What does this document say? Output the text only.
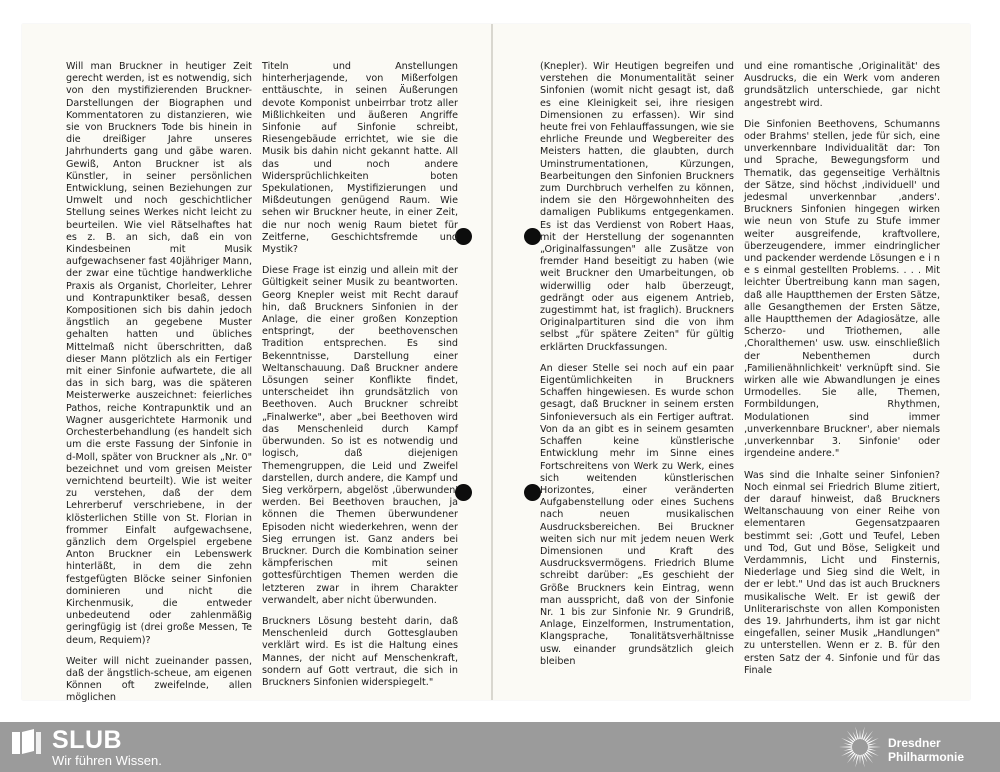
Will man Bruckner in heutiger Zeit gerecht werden, ist es notwendig, sich von den mystifizierenden Bruckner-Darstellungen der Biographen und Kommentatoren zu distanzieren, wie sie von Bruckners Tode bis hinein in die dreißiger Jahre unseres Jahrhunderts gang und gäbe waren. Gewiß, Anton Bruckner ist als Künstler, in seiner persönlichen Entwicklung, seinen Beziehungen zur Umwelt und noch geschichtlicher Stellung seines Werkes nicht leicht zu beurteilen. Wie viel Rätselhaftes hat es z. B. an sich, daß ein von Kindesbeinen mit Musik aufgewachsener fast 40jähriger Mann, der zwar eine tüchtige handwerkliche Praxis als Organist, Chorleiter, Lehrer und Kontrapunktiker besaß, dessen Kompositionen sich bis dahin jedoch ängstlich an gegebene Muster gehalten hatten und übliches Mittelmaß nicht überschritten, daß dieser Mann plötzlich als ein Fertiger mit einer Sinfonie aufwartete, die all das in sich barg, was die späteren Meisterwerke auszeichnet: feierliches Pathos, reiche Kontrapunktik und an Wagner ausgerichtete Harmonik und Orchesterbehandlung (es handelt sich um die erste Fassung der Sinfonie in d-Moll, später von Bruckner als „Nr. 0" bezeichnet und vom greisen Meister vernichtend beurteilt). Wie ist weiter zu verstehen, daß der dem Lehrerberuf verschriebene, in der klösterlichen Stille von St. Florian in frommer Einfalt aufgewachsene, gänzlich dem Orgelspiel ergebene Anton Bruckner ein Lebenswerk hinterläßt, in dem die zehn festgefügten Blöcke seiner Sinfonien dominieren und nicht die Kirchenmusik, die entweder unbedeutend oder zahlenmäßig geringfügig ist (drei große Messen, Te deum, Requiem)?

Weiter will nicht zueinander passen, daß der ängstlich-scheue, am eigenen Können oft zweifelnde, allen möglichen

Titeln und Anstellungen hinterherjagende, von Mißerfolgen enttäuschte, in seinen Äußerungen devote Komponist unbeirrbar trotz aller Mißlichkeiten und äußeren Angriffe Sinfonie auf Sinfonie schreibt, Riesengebäude errichtet, wie sie die Musik bis dahin nicht gekannt hatte. All das und noch andere Widersprüchlichkeiten boten Spekulationen, Mystifizierungen und Mißdeutungen genügend Raum. Wie sehen wir Bruckner heute, in einer Zeit, die nur noch wenig Raum bietet für Zeitferne, Geschichtsfremde und Mystik?

Diese Frage ist einzig und allein mit der Gültigkeit seiner Musik zu beantworten. Georg Knepler weist mit Recht darauf hin, daß Bruckners Sinfonien in der Anlage, die einer großen Konzeption entspringt, der beethovenschen Tradition entsprechen. Es sind Bekenntnisse, Darstellung einer Weltanschauung. Daß Bruckner andere Lösungen seiner Konflikte findet, unterscheidet ihn grundsätzlich von Beethoven. Auch Bruckner schreibt „Finalwerke", aber „bei Beethoven wird das Menschenleid durch Kampf überwunden. So ist es notwendig und logisch, daß diejenigen Themengruppen, die Leid und Zweifel darstellen, durch andere, die Kampf und Sieg verkörpern, abgelöst ‚überwunden' werden. Bei Beethoven brauchen, ja können die Themen überwundener Episoden nicht wiederkehren, wenn der Sieg errungen ist. Ganz anders bei Bruckner. Durch die Kombination seiner kämpferischen mit seinen gottesfürchtigen Themen werden die letzteren zwar in ihrem Charakter verwandelt, aber nicht überwunden.

Bruckners Lösung besteht darin, daß Menschenleid durch Gottesglauben verklärt wird. Es ist die Haltung eines Mannes, der nicht auf Menschenkraft, sondern auf Gott vertraut, die sich in Bruckners Sinfonien widerspiegelt."

(Knepler). Wir Heutigen begreifen und verstehen die Monumentalität seiner Sinfonien (womit nicht gesagt ist, daß es eine Kleinigkeit sei, ihre riesigen Dimensionen zu erfassen). Wir sind heute frei von Fehlauffassungen, wie sie ehrliche Freunde und Wegbereiter des Meisters hatten, die glaubten, durch Uminstrumentationen, Kürzungen, Bearbeitungen den Sinfonien Bruckners zum Durchbruch verhelfen zu können, indem sie den Hörgewohnheiten des damaligen Publikums entgegenkamen. Es ist das Verdienst von Robert Haas, mit der Herstellung der sogenannten „Originalfassungen" alle Zusätze von fremder Hand beseitigt zu haben (wie weit Bruckner den Umarbeitungen, ob widerwillig oder halb überzeugt, gedrängt oder aus eigenem Antrieb, zugestimmt hat, ist fraglich). Bruckners Originalpartituren sind die von ihm selbst „für spätere Zeiten" für gültig erklärten Druckfassungen.

An dieser Stelle sei noch auf ein paar Eigentümlichkeiten in Bruckners Schaffen hingewiesen. Es wurde schon gesagt, daß Bruckner in seinem ersten Sinfonieversuch als ein Fertiger auftrat. Von da an gibt es in seinem gesamten Schaffen keine künstlerische Entwicklung mehr im Sinne eines Fortschreitens von Werk zu Werk, eines sich weitenden künstlerischen Horizontes, einer veränderten Aufgabenstellung oder eines Suchens nach neuen musikalischen Ausdrucksbereichen. Bei Bruckner weiten sich nur mit jedem neuen Werk Dimensionen und Kraft des Ausdrucksvermögens. Friedrich Blume schreibt darüber: „Es geschieht der Größe Bruckners kein Eintrag, wenn man ausspricht, daß von der Sinfonie Nr. 1 bis zur Sinfonie Nr. 9 Grundriß, Anlage, Einzelformen, Instrumentation, Klangsprache, Tonalitätsverhältnisse usw. einander grundsätzlich gleich bleiben

und eine romantische ‚Originalität' des Ausdrucks, die ein Werk vom anderen grundsätzlich unterschiede, gar nicht angestrebt wird.

Die Sinfonien Beethovens, Schumanns oder Brahms' stellen, jede für sich, eine unverkennbare Individualität dar: Ton und Sprache, Bewegungsform und Thematik, das gegenseitige Verhältnis der Sätze, sind höchst ‚individuell' und jedesmal unverkennbar ‚anders'. Bruckners Sinfonien hingegen wirken wie neun von Stufe zu Stufe immer weiter ausgreifende, kraftvollere, überzeugendere, immer eindringlicher und packender werdende Lösungen e i n e s einmal gestellten Problems. . . . Mit leichter Übertreibung kann man sagen, daß alle Hauptthemen der Ersten Sätze, alle Gesangthemen der Ersten Sätze, alle Hauptthemen der Adagiosätze, alle Scherzo- und Triothemen, alle ‚Choralthemen' usw. usw. einschließlich der Nebenthemen durch ‚Familienähnlichkeit' verknüpft sind. Sie wirken alle wie Abwandlungen je eines Urmodelles. Sie alle, Themen, Formbildungen, Rhythmen, Modulationen sind immer ‚unverkennbare Bruckner', aber niemals ‚unverkennbar 3. Sinfonie' oder irgendeine andere."

Was sind die Inhalte seiner Sinfonien? Noch einmal sei Friedrich Blume zitiert, der darauf hinweist, daß Bruckners Weltanschauung von einer Reihe von elementaren Gegensatzpaaren bestimmt sei: ‚Gott und Teufel, Leben und Tod, Gut und Böse, Seligkeit und Verdammnis, Licht und Finsternis, Niederlage und Sieg sind die Welt, in der er lebt." Und das ist auch Bruckners musikalische Welt. Er ist gewiß der Unliterarischste von allen Komponisten des 19. Jahrhunderts, ihm ist gar nicht eingefallen, seiner Musik „Handlungen" zu unterstellen. Wenn er z. B. für den ersten Satz der 4. Sinfonie und für das Finale

SLUB
Wir führen Wissen.
Dresdner
Philharmonie
